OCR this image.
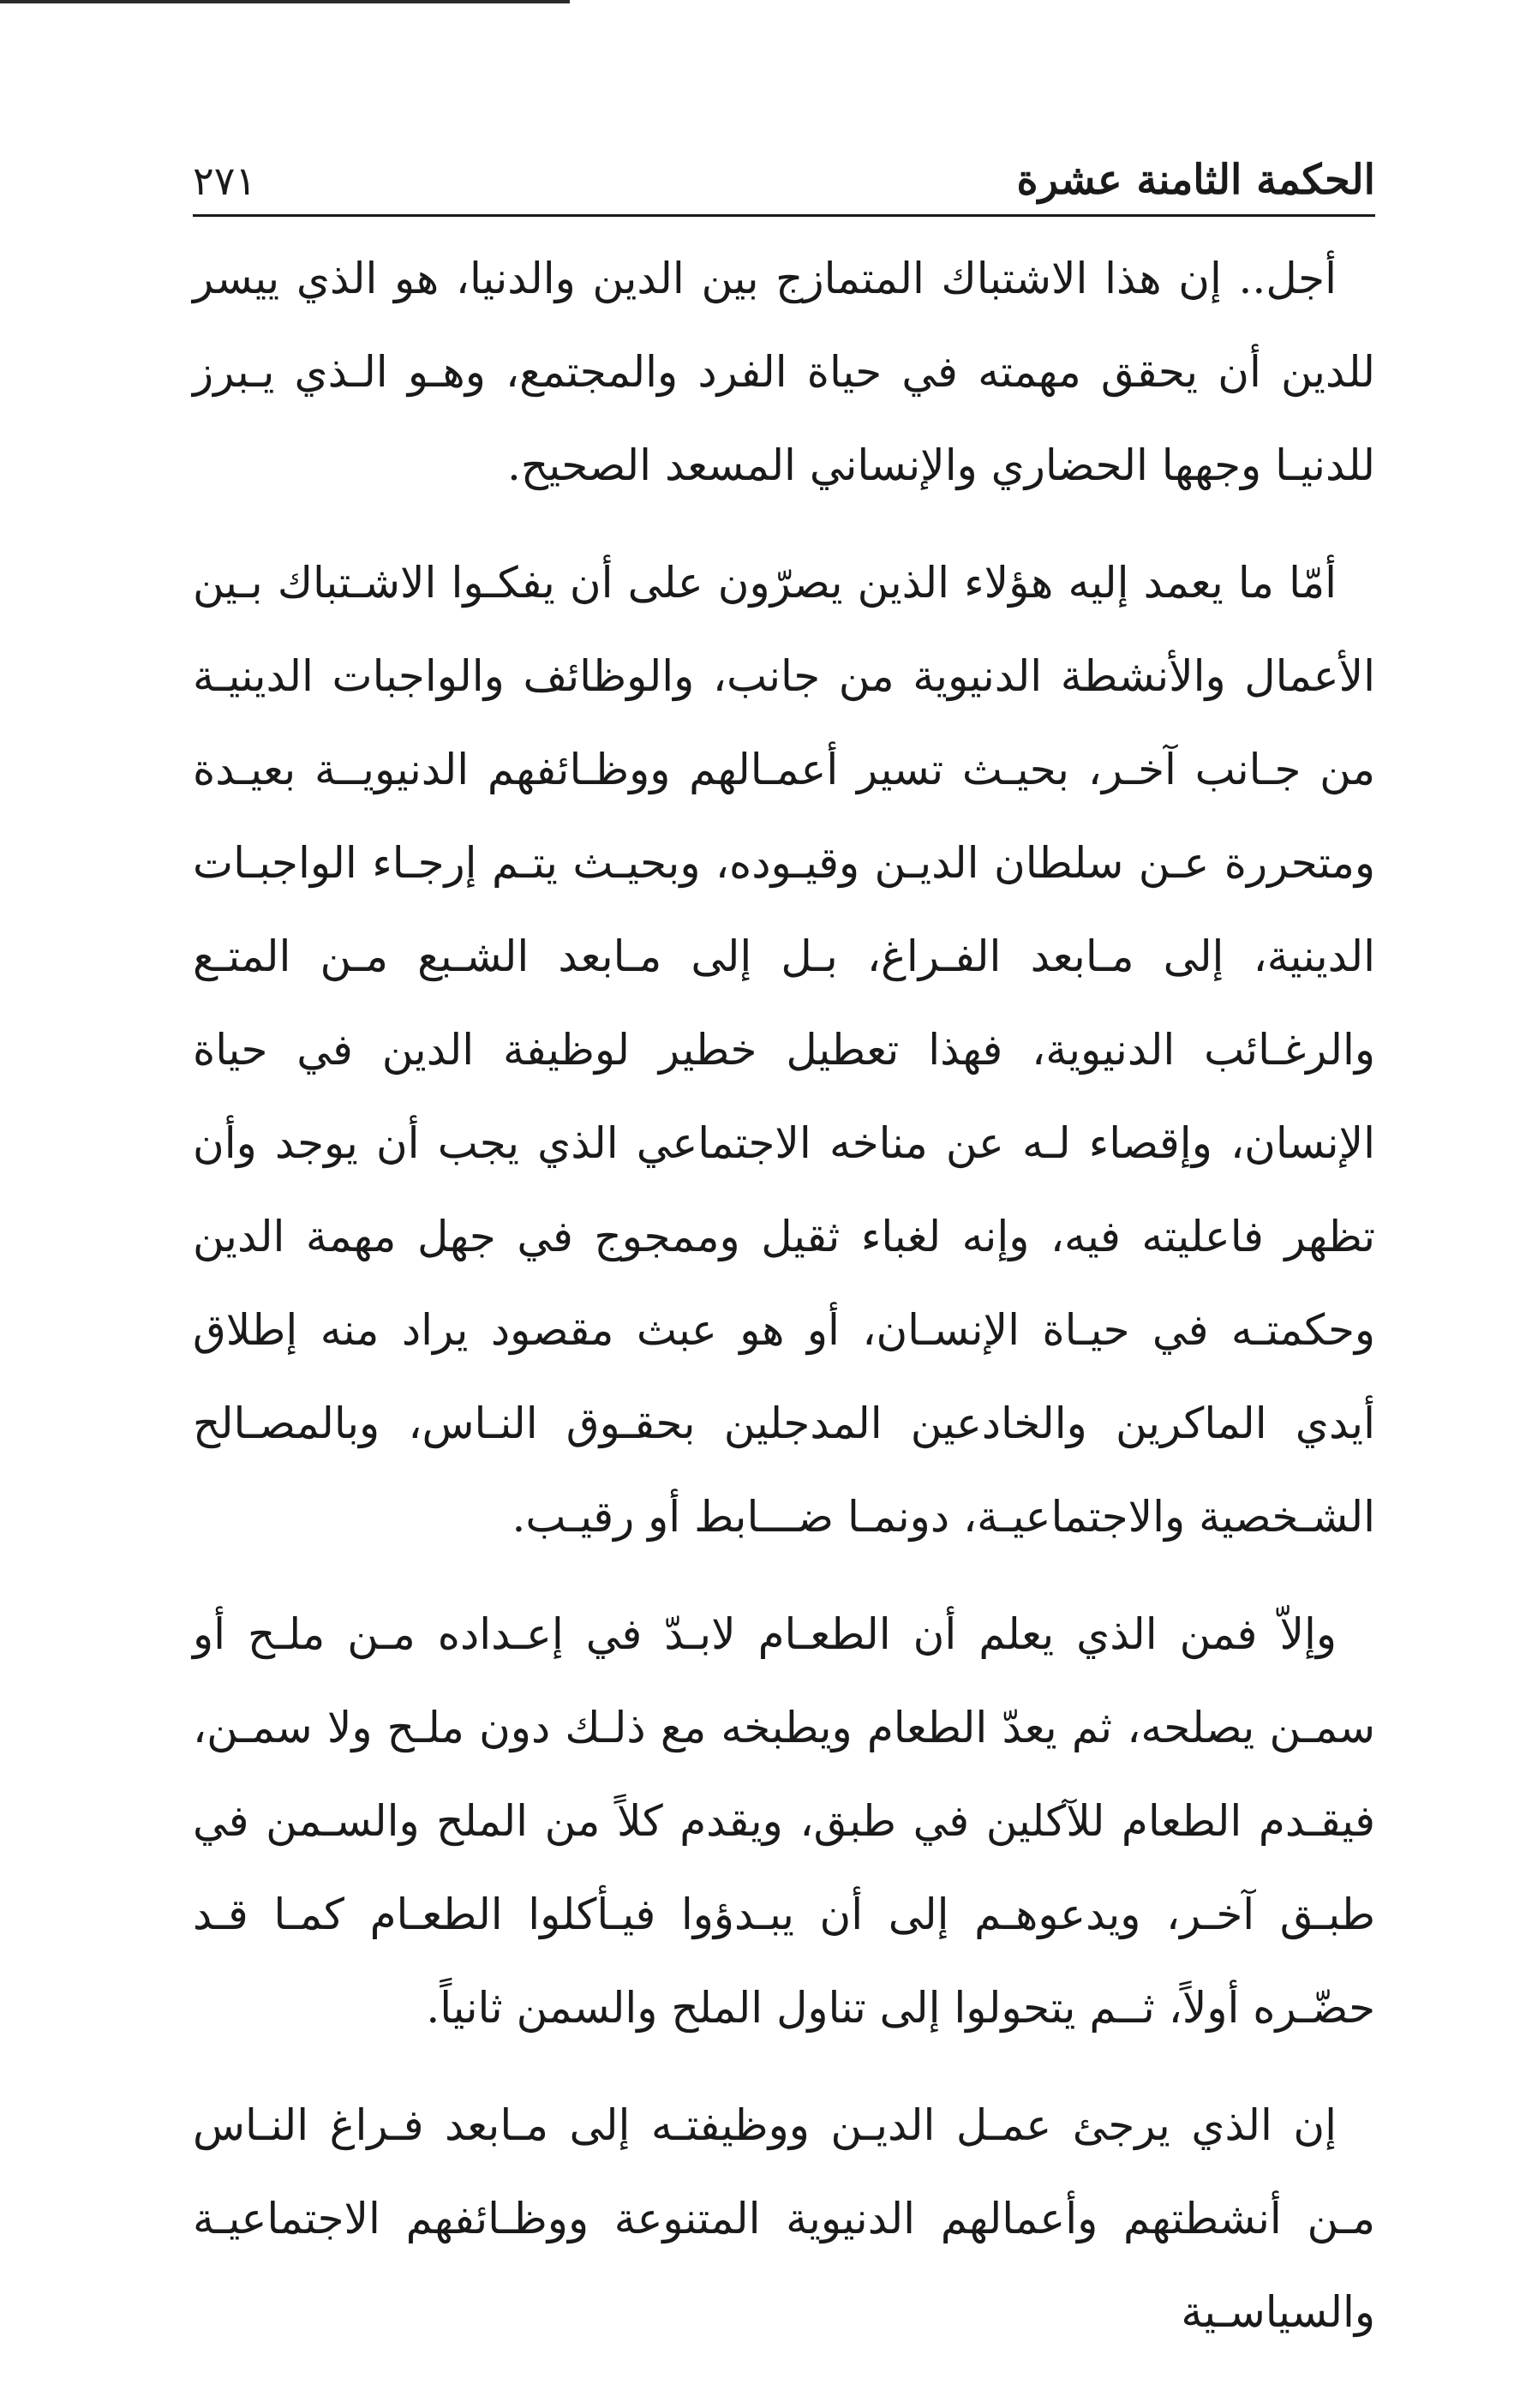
الحكمة الثامنة عشرة
٢٧١

أجل.. إن هذا الاشتباك المتمازج بين الدين والدنيا، هو الذي ييسر للدين أن يحقق مهمته في حياة الفرد والمجتمع، وهـو الـذي يـبرز للدنيـا وجهها الحضاري والإنساني المسعد الصحيح.

أمّا ما يعمد إليه هؤلاء الذين يصرّون على أن يفكـوا الاشـتباك بـين الأعمال والأنشطة الدنيوية من جانب، والوظائف والواجبات الدينيـة من جـانب آخـر، بحيـث تسير أعمـالهم ووظـائفهم الدنيويــة بعيـدة ومتحررة عـن سلطان الديـن وقيـوده، وبحيـث يتـم إرجـاء الواجبـات الدينية، إلى مـابعد الفـراغ، بـل إلى مـابعد الشـبع مـن المتـع والرغـائب الدنيوية، فهذا تعطيل خطير لوظيفة الدين في حياة الإنسان، وإقصاء لـه عن مناخه الاجتماعي الذي يجب أن يوجد وأن تظهر فاعليته فيه، وإنه لغباء ثقيل وممجوج في جهل مهمة الدين وحكمتـه في حيـاة الإنسـان، أو هو عبث مقصود يراد منه إطلاق أيدي الماكرين والخادعين المدجلين بحقـوق النـاس، وبالمصـالح الشـخصية والاجتماعيـة، دونمـا ضـــابط أو رقيـب.

وإلاّ فمن الذي يعلم أن الطعـام لابـدّ في إعـداده مـن ملـح أو سمـن يصلحه، ثم يعدّ الطعام ويطبخه مع ذلـك دون ملـح ولا سمـن، فيقـدم الطعام للآكلين في طبق، ويقدم كلاً من الملح والسـمن في طبـق آخـر، ويدعوهـم إلى أن يبـدؤوا فيـأكلوا الطعـام كمـا قـد حضّـره أولاً، ثــم يتحولوا إلى تناول الملح والسمن ثانياً.

إن الذي يرجئ عمـل الديـن ووظيفتـه إلى مـابعد فـراغ النـاس مـن أنشطتهم وأعمالهم الدنيوية المتنوعة ووظـائفهم الاجتماعيـة والسياسـية
